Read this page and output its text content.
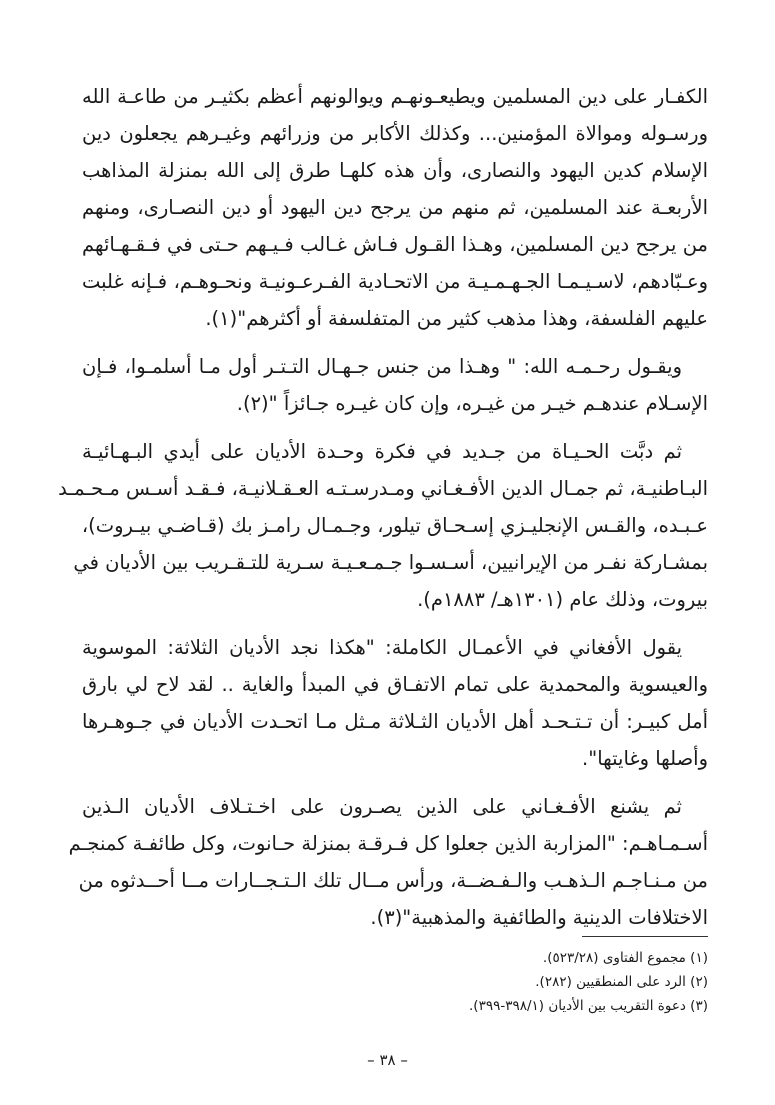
الكفـار على دين المسلمين ويطيعـونهـم ويوالونهم أعظم بكثيـر من طاعـة الله
ورسـوله وموالاة المؤمنين... وكذلك الأكابر من وزرائهم وغيـرهم يجعلون دين
الإسلام كدين اليهود والنصارى، وأن هذه كلهـا طرق إلى الله بمنزلة المذاهب
الأربعـة عند المسلمين، ثم منهم من يرجح دين اليهود أو دين النصـارى، ومنهم
من يرجح دين المسلمين، وهـذا القـول فـاش غـالب فـيـهم حـتى في فـقـهـائهم
وعـبّادهم، لاسـيـمـا الجـهـمـيـة من الاتحـادية الفـرعـونيـة ونحـوهـم، فـإنه غلبت
عليهم الفلسفة، وهذا مذهب كثير من المتفلسفة أو أكثرهم"(١).

ويقـول رحـمـه الله: " وهـذا من جنس جـهـال التـتـر أول مـا أسلمـوا، فـإن
الإسـلام عندهـم خيـر من غيـره، وإن كان غيـره جـائزاً "(٢).

ثم دبَّت الحـيـاة من جـديد في فكرة وحـدة الأديان على أيدي البـهـائيـة
البـاطنيـة، ثم جمـال الدين الأفـغـاني ومـدرسـتـه العـقـلانيـة، فـقـد أسـس مـحـمـد
عـبـده، والقـس الإنجليـزي إسـحـاق تيلور، وجـمـال رامـز بك (قـاضـي بيـروت)،
بمشـاركة نفـر من الإيرانيين، أسـسـوا جـمـعـيـة سـرية للتـقـريب بين الأديان في
بيروت، وذلك عام (١٣٠١هـ/ ١٨٨٣م).

يقول الأفغاني في الأعمـال الكاملة: "هكذا نجد الأديان الثلاثة: الموسوية
والعيسوية والمحمدية على تمام الاتفـاق في المبدأ والغاية .. لقد لاح لي بارق
أمل كبيـر: أن تـتـحـد أهل الأديان الثـلاثة مـثل مـا اتحـدت الأديان في جـوهـرها
وأصلها وغايتها".

ثم يشنع الأفـغـاني على الذين يصـرون على اخـتـلاف الأديان الـذين
أسـمـاهـم: "المزاربة الذين جعلوا كل فـرقـة بمنزلة حـانوت، وكل طائفـة كمنجـم
من مـنـاجـم الـذهـب والـفـضــة، ورأس مــال تلك الـتـجــارات مــا أحــدثوه من
الاختلافات الدينية والطائفية والمذهبية"(٣).

(١) مجموع الفتاوى (٥٢٣/٢٨).
(٢) الرد على المنطقيين (٢٨٢).
(٣) دعوة التقريب بين الأديان (٣٩٨/١-٣٩٩).
– ٣٨ –
